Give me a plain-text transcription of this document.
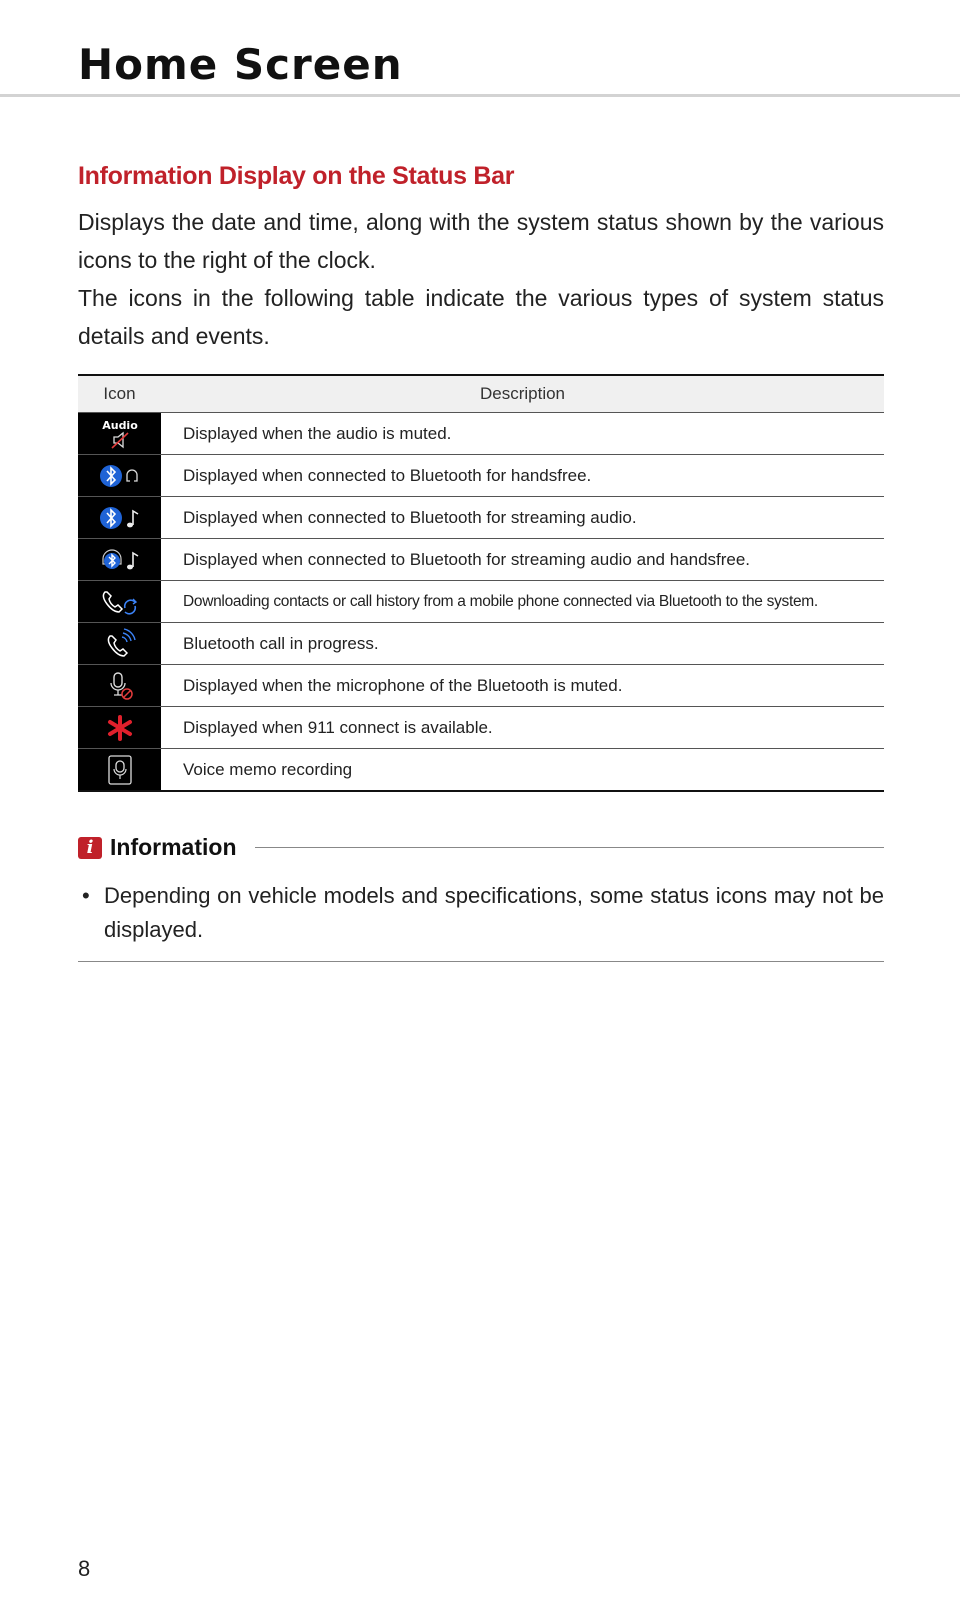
Home Screen
Information Display on the Status Bar

Displays the date and time, along with the system status shown by the various icons to the right of the clock.

The icons in the following table indicate the various types of system status details and events.

Icon	Description

Audio	Displayed when the audio is muted.

	Displayed when connected to Bluetooth for handsfree.

	Displayed when connected to Bluetooth for streaming audio.

	Displayed when connected to Bluetooth for streaming audio and handsfree.

	Downloading contacts or call history from a mobile phone connected via Bluetooth to the system.

	Bluetooth call in progress.

	Displayed when the microphone of the Bluetooth is muted.

	Displayed when 911 connect is available.

	Voice memo recording
i Information

• Depending on vehicle models and specifications, some status icons may not be displayed.

8
